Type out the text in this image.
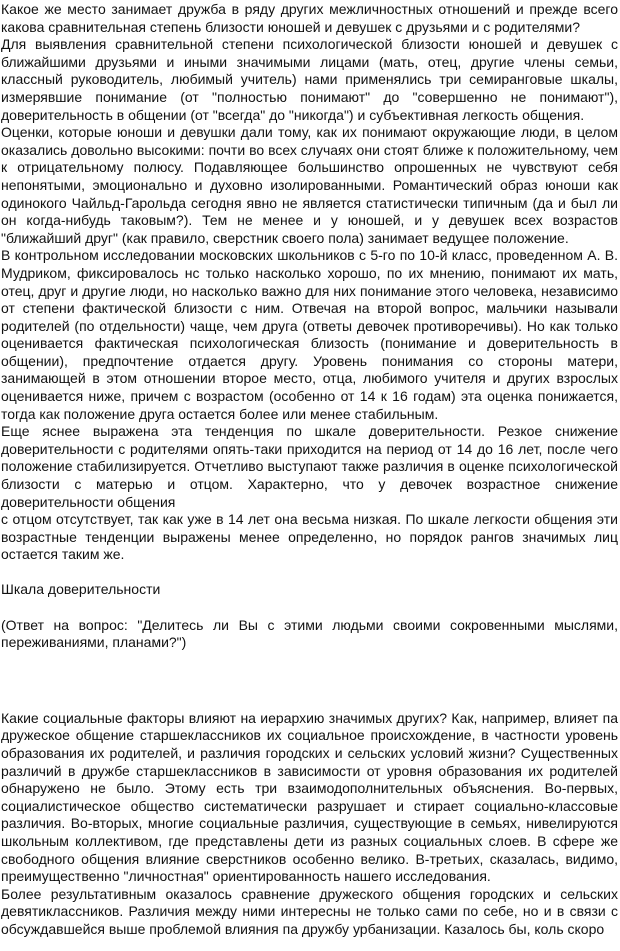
Какое же место занимает дружба в ряду других межличностных отношений и прежде всего какова сравнительная степень близости юношей и девушек с друзьями и с родителями?

Для выявления сравнительной степени психологической близости юношей и девушек с ближайшими друзьями и иными значимыми лицами (мать, отец, другие члены семьи, классный руководитель, любимый учитель) нами применялись три семиранговые шкалы, измерявшие понимание (от "полностью понимают" до "совершенно не понимают"), доверительность в общении (от "всегда" до "никогда") и субъективная легкость общения.

Оценки, которые юноши и девушки дали тому, как их понимают окружающие люди, в целом оказались довольно высокими: почти во всех случаях они стоят ближе к положительному, чем к отрицательному полюсу. Подавляющее большинство опрошенных не чувствуют себя непонятыми, эмоционально и духовно изолированными. Романтический образ юноши как одинокого Чайльд-Гарольда сегодня явно не является статистически типичным (да и был ли он когда-нибудь таковым?). Тем не менее и у юношей, и у девушек всех возрастов "ближайший друг" (как правило, сверстник своего пола) занимает ведущее положение.

В контрольном исследовании московских школьников с 5-го по 10-й класс, проведенном А. В. Мудриком, фиксировалось нс только насколько хорошо, по их мнению, понимают их мать, отец, друг и другие люди, но насколько важно для них понимание этого человека, независимо от степени фактической близости с ним. Отвечая на второй вопрос, мальчики называли родителей (по отдельности) чаще, чем друга (ответы девочек противоречивы). Но как только оценивается фактическая психологическая близость (понимание и доверительность в общении), предпочтение отдается другу. Уровень понимания со стороны матери, занимающей в этом отношении второе место, отца, любимого учителя и других взрослых оценивается ниже, причем с возрастом (особенно от 14 к 16 годам) эта оценка понижается, тогда как положение друга остается более или менее стабильным.

Еще яснее выражена эта тенденция по шкале доверительности. Резкое снижение доверительности с родителями опять-таки приходится на период от 14 до 16 лет, после чего положение стабилизируется. Отчетливо выступают также различия в оценке психологической близости с матерью и отцом. Характерно, что у девочек возрастное снижение доверительности общения

с отцом отсутствует, так как уже в 14 лет она весьма низкая. По шкале легкости общения эти возрастные тенденции выражены менее определенно, но порядок рангов значимых лиц остается таким же.

Шкала доверительности

(Ответ на вопрос: "Делитесь ли Вы с этими людьми своими сокровенными мыслями, переживаниями, планами?")

Какие социальные факторы влияют на иерархию значимых других? Как, например, влияет па дружеское общение старшеклассников их социальное происхождение, в частности уровень образования их родителей, и различия городских и сельских условий жизни? Существенных различий в дружбе старшеклассников в зависимости от уровня образования их родителей обнаружено не было. Этому есть три взаимодополнительных объяснения. Во-первых, социалистическое общество систематически разрушает и стирает социально-классовые различия. Во-вторых, многие социальные различия, существующие в семьях, нивелируются школьным коллективом, где представлены дети из разных социальных слоев. В сфере же свободного общения влияние сверстников особенно велико. В-третьих, сказалась, видимо, преимущественно "личностная" ориентированность нашего исследования.

Более результативным оказалось сравнение дружеского общения городских и сельских девятиклассников. Различия между ними интересны не только сами по себе, но и в связи с обсуждавшейся выше проблемой влияния па дружбу урбанизации. Казалось бы, коль скоро
